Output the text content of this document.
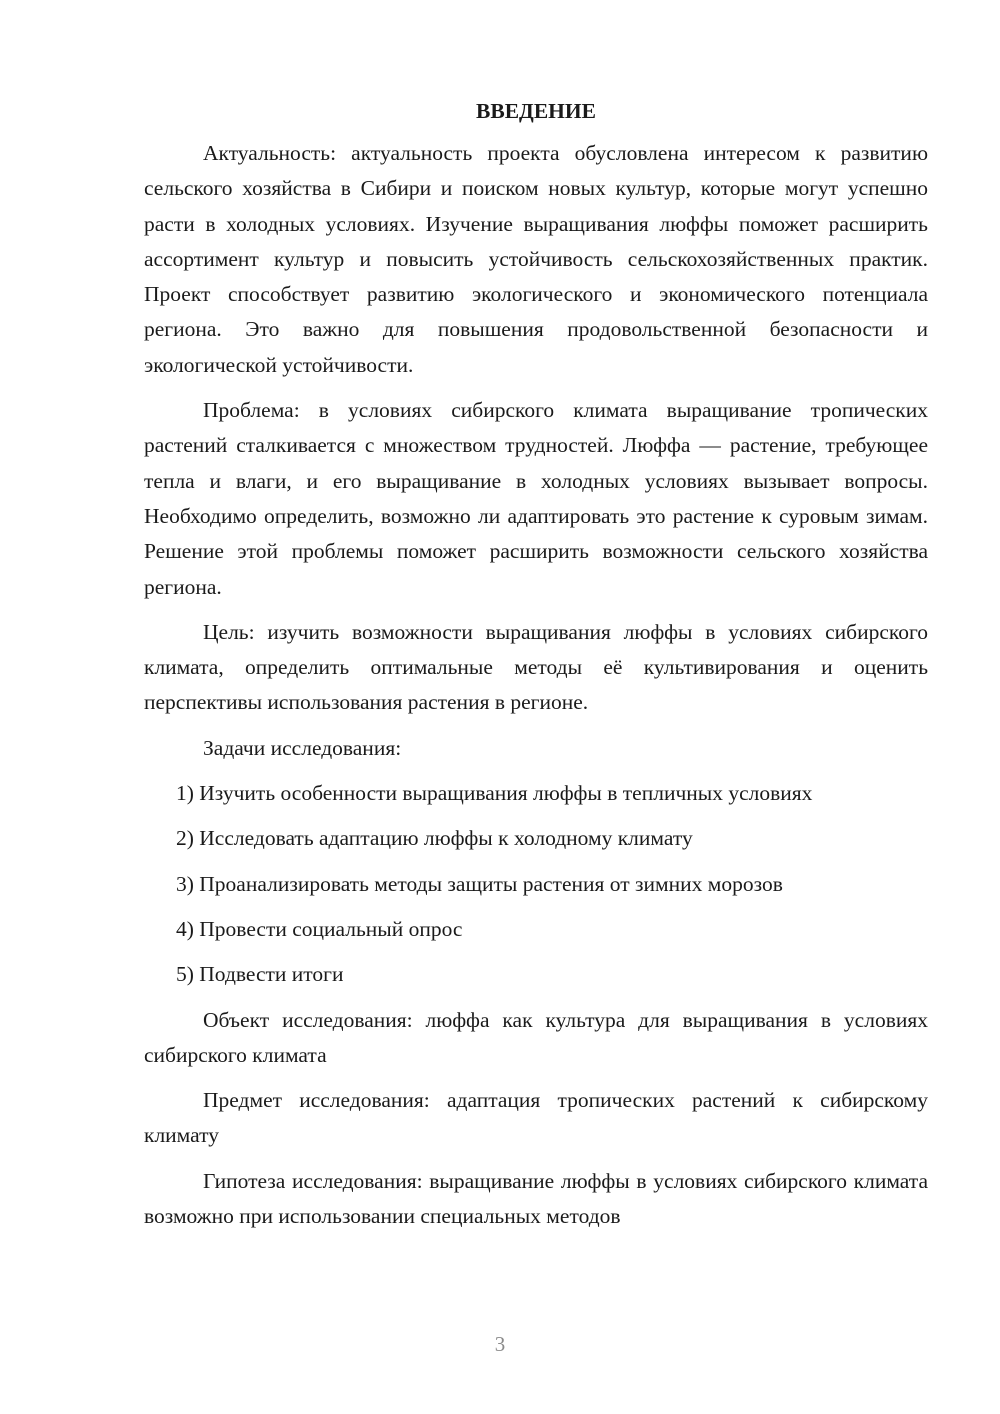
ВВЕДЕНИЕ

Актуальность: актуальность проекта обусловлена интересом к развитию сельского хозяйства в Сибири и поиском новых культур, которые могут успешно расти в холодных условиях. Изучение выращивания люффы поможет расширить ассортимент культур и повысить устойчивость сельскохозяйственных практик. Проект способствует развитию экологического и экономического потенциала региона. Это важно для повышения продовольственной безопасности и экологической устойчивости.

Проблема: в условиях сибирского климата выращивание тропических растений сталкивается с множеством трудностей. Люффа — растение, требующее тепла и влаги, и его выращивание в холодных условиях вызывает вопросы. Необходимо определить, возможно ли адаптировать это растение к суровым зимам. Решение этой проблемы поможет расширить возможности сельского хозяйства региона.

Цель: изучить возможности выращивания люффы в условиях сибирского климата, определить оптимальные методы её культивирования и оценить перспективы использования растения в регионе.

Задачи исследования:
1) Изучить особенности выращивания люффы в тепличных условиях
2) Исследовать адаптацию люффы к холодному климату
3) Проанализировать методы защиты растения от зимних морозов
4) Провести социальный опрос
5) Подвести итоги

Объект исследования: люффа как культура для выращивания в условиях сибирского климата

Предмет исследования: адаптация тропических растений к сибирскому климату

Гипотеза исследования: выращивание люффы в условиях сибирского климата возможно при использовании специальных методов

3
